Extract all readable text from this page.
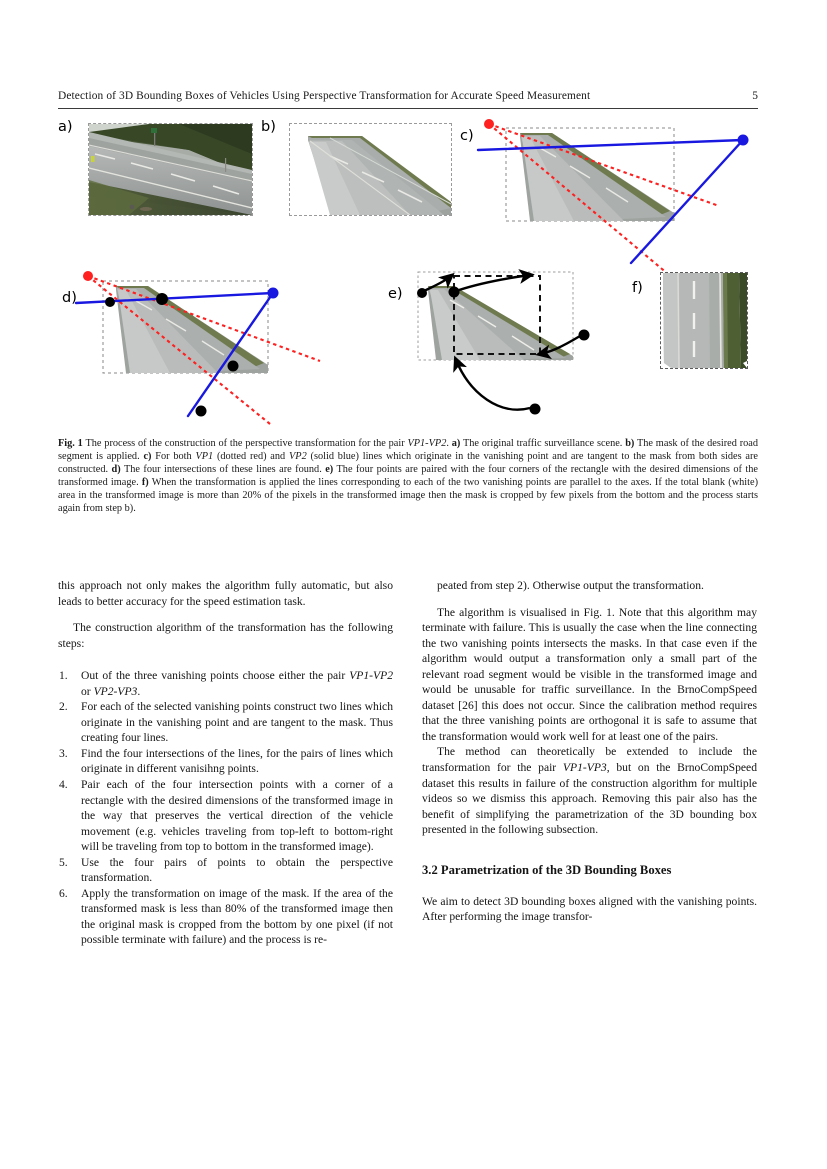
Detection of 3D Bounding Boxes of Vehicles Using Perspective Transformation for Accurate Speed Measurement	5
a)	b)
c)
d)	e)	f)
Fig. 1 The process of the construction of the perspective transformation for the pair VP1-VP2. a) The original traffic surveillance scene. b) The mask of the desired road segment is applied. c) For both VP1 (dotted red) and VP2 (solid blue) lines which originate in the vanishing point and are tangent to the mask from both sides are constructed. d) The four intersections of these lines are found. e) The four points are paired with the four corners of the rectangle with the desired dimensions of the transformed image. f) When the transformation is applied the lines corresponding to each of the two vanishing points are parallel to the axes. If the total blank (white) area in the transformed image is more than 20% of the pixels in the transformed image then the mask is cropped by few pixels from the bottom and the process starts again from step b).

this approach not only makes the algorithm fully automatic, but also leads to better accuracy for the speed estimation task.

The construction algorithm of the transformation has the following steps:

Out of the three vanishing points choose either the pair VP1-VP2 or VP2-VP3.
For each of the selected vanishing points construct two lines which originate in the vanishing point and are tangent to the mask. Thus creating four lines.
Find the four intersections of the lines, for the pairs of lines which originate in different vanisihng points.
Pair each of the four intersection points with a corner of a rectangle with the desired dimensions of the transformed image in the way that preserves the vertical direction of the vehicle movement (e.g. vehicles traveling from top-left to bottom-right will be traveling from top to bottom in the transformed image).
Use the four pairs of points to obtain the perspective transformation.
Apply the transformation on image of the mask. If the area of the transformed mask is less than 80% of the transformed image then the original mask is cropped from the bottom by one pixel (if not possible terminate with failure) and the process is re-

peated from step 2). Otherwise output the transformation.

The algorithm is visualised in Fig. 1. Note that this algorithm may terminate with failure. This is usually the case when the line connecting the two vanishing points intersects the masks. In that case even if the algorithm would output a transformation only a small part of the relevant road segment would be visible in the transformed image and would be unusable for traffic surveillance. In the BrnoCompSpeed dataset [26] this does not occur. Since the calibration method requires that the three vanishing points are orthogonal it is safe to assume that the transformation would work well for at least one of the pairs.

The method can theoretically be extended to include the transformation for the pair VP1-VP3, but on the BrnoCompSpeed dataset this results in failure of the construction algorithm for multiple videos so we dismiss this approach. Removing this pair also has the benefit of simplifying the parametrization of the 3D bounding box presented in the following subsection.

3.2 Parametrization of the 3D Bounding Boxes

We aim to detect 3D bounding boxes aligned with the vanishing points. After performing the image transfor-
